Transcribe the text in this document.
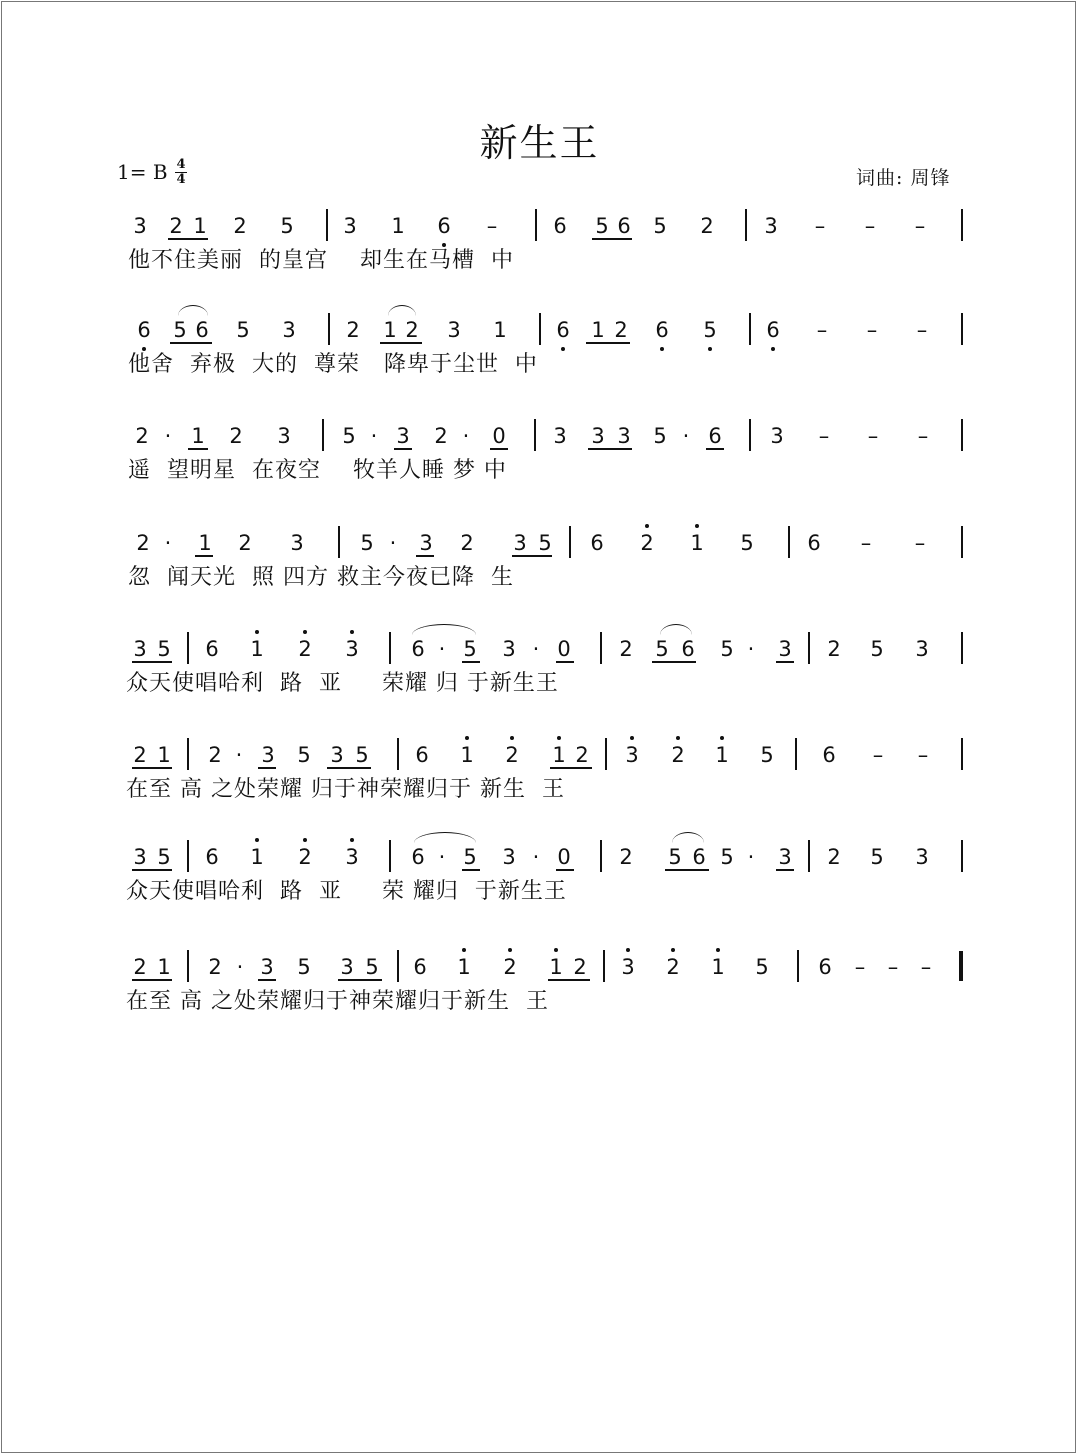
新生王
1= B 4
4	词曲: 周锋
3	2 1	2	5	3	1	6	–	6	5 6	5	2	3	–	–	–
他不住美丽  的皇宫    却生在马槽  中
6	5 6	5	3	2	1 2	3	1	6	1 2	6	5	6	–	–	–
他舍  弃极  大的  尊荣   降卑于尘世  中
2 · 1	2	3	5 · 3	2 ·	0	3	3 3	5 · 6	3	–	–	–
遥  望明星  在夜空    牧羊人睡 梦 中
2 ·	1	2	3	5 ·	3	2	3 5	6	2	1	5	6	–	–
忽  闻天光  照 四方 救主今夜已降  生
3 5	6	1	2	3	6 · 5	3 · 0	2	5 6	5 ·	3	2	5	3
众天使唱哈利  路  亚     荣耀 归 于新生王
2 1	2 · 3	5 3 5	6	1	2	1 2	3	2	1	5	6	–	–
在至 高 之处荣耀 归于神荣耀归于 新生  王
3 5	6	1	2	3	6 · 5	3 · 0	2	5 6 5 ·	3	2	5	3
众天使唱哈利  路  亚     荣 耀归  于新生王
2 1	2 · 3	5	3 5	6	1	2	1 2	3	2	1	5	6	–	–	–
在至 高 之处荣耀归于神荣耀归于新生  王
